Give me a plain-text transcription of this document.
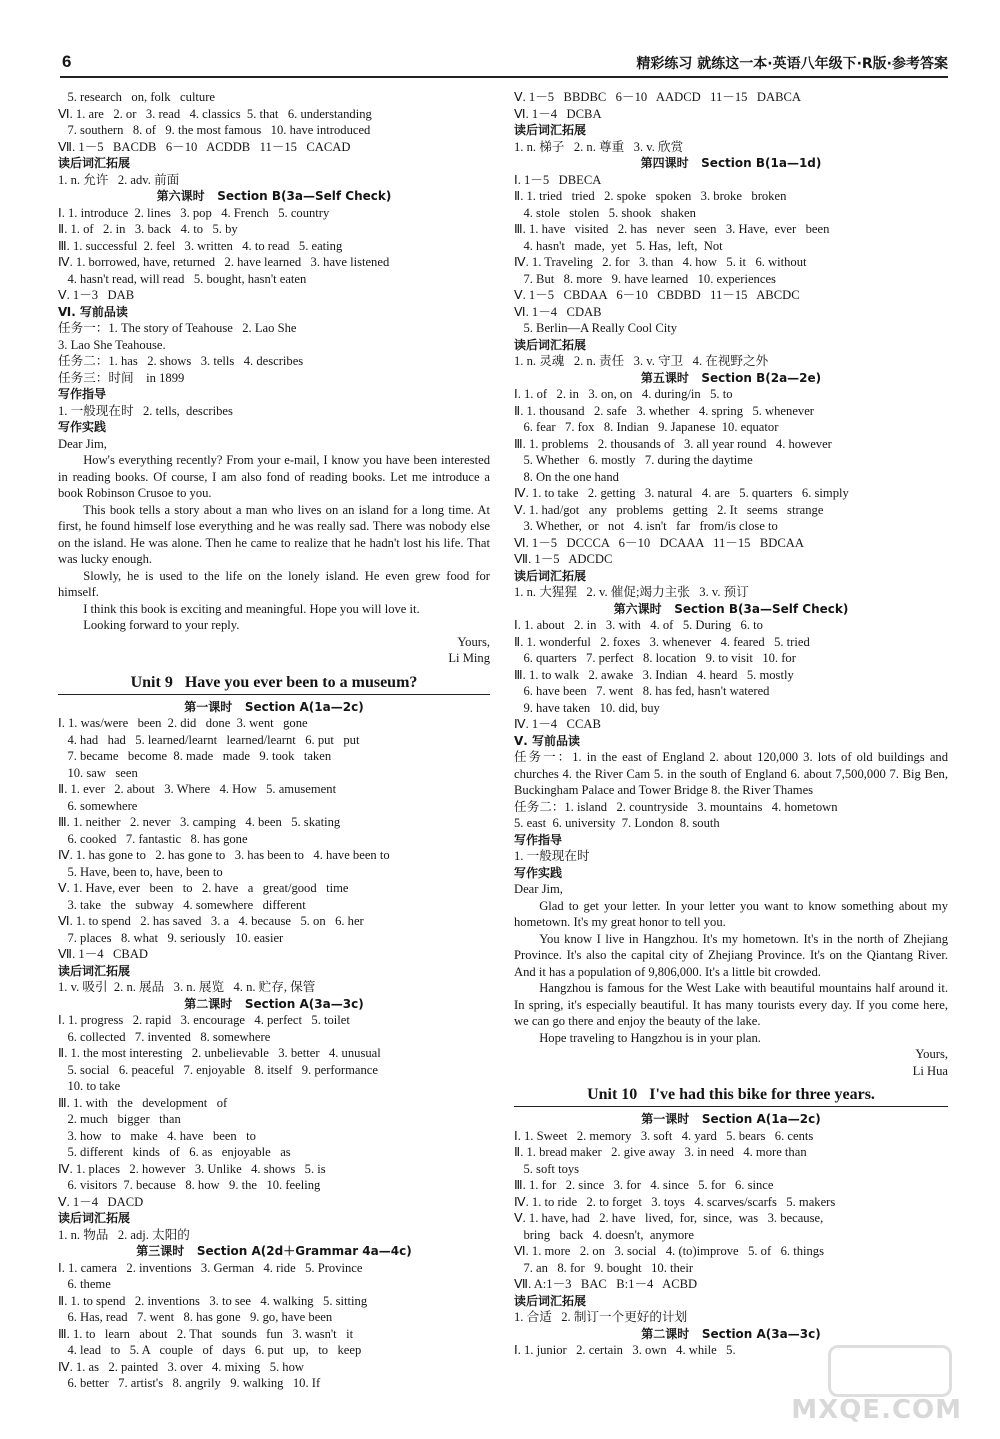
6	精彩练习 就练这一本·英语八年级下·R版·参考答案
5. research   on, folk   culture
Ⅵ. 1. are   2. or   3. read   4. classics  5. that   6. understanding
7. southern   8. of   9. the most famous   10. have introduced
Ⅶ. 1－5   BACDB   6－10   ACDDB   11－15   CACAD
读后词汇拓展
1. n. 允许   2. adv. 前面
第六课时   Section B(3a—Self Check)
Ⅰ. 1. introduce  2. lines   3. pop   4. French   5. country
Ⅱ. 1. of   2. in   3. back   4. to   5. by
Ⅲ. 1. successful  2. feel   3. written   4. to read   5. eating
Ⅳ. 1. borrowed, have, returned   2. have learned   3. have listened
4. hasn't read, will read   5. bought, hasn't eaten
Ⅴ. 1－3   DAB
Ⅵ. 写前品读
任务一：1. The story of Teahouse   2. Lao She
3. Lao She Teahouse.
任务二：1. has   2. shows   3. tells   4. describes
任务三：时间    in 1899
写作指导
1. 一般现在时   2. tells,  describes
写作实践
Dear Jim,
How's everything recently? From your e-mail, I know you have been interested in reading books. Of course, I am also fond of reading books. Let me introduce a book Robinson Crusoe to you.
This book tells a story about a man who lives on an island for a long time. At first, he found himself lose everything and he was really sad. There was nobody else on the island. He was alone. Then he came to realize that he hadn't lost his life. That was lucky enough.
Slowly, he is used to the life on the lonely island. He even grew food for himself.
I think this book is exciting and meaningful. Hope you will love it.
Looking forward to your reply.
Yours,
Li Ming
Unit 9   Have you ever been to a museum?
第一课时   Section A(1a—2c)
Ⅰ. 1. was/were   been  2. did   done  3. went   gone
4. had   had   5. learned/learnt   learned/learnt   6. put   put
7. became   become  8. made   made   9. took   taken
10. saw   seen
Ⅱ. 1. ever   2. about   3. Where   4. How   5. amusement
6. somewhere
Ⅲ. 1. neither   2. never   3. camping   4. been   5. skating
6. cooked   7. fantastic   8. has gone
Ⅳ. 1. has gone to   2. has gone to   3. has been to   4. have been to
5. Have, been to, have, been to
Ⅴ. 1. Have, ever   been   to   2. have   a   great/good   time
3. take   the   subway   4. somewhere   different
Ⅵ. 1. to spend   2. has saved   3. a   4. because   5. on   6. her
7. places   8. what   9. seriously   10. easier
Ⅶ. 1－4   CBAD
读后词汇拓展
1. v. 吸引  2. n. 展品   3. n. 展览   4. n. 贮存, 保管
第二课时   Section A(3a—3c)
Ⅰ. 1. progress   2. rapid   3. encourage   4. perfect   5. toilet
6. collected   7. invented   8. somewhere
Ⅱ. 1. the most interesting   2. unbelievable   3. better   4. unusual
5. social   6. peaceful   7. enjoyable   8. itself   9. performance
10. to take
Ⅲ. 1. with   the   development   of
2. much   bigger   than
3. how   to   make   4. have   been   to
5. different   kinds   of   6. as   enjoyable   as
Ⅳ. 1. places   2. however   3. Unlike   4. shows   5. is
6. visitors  7. because   8. how   9. the   10. feeling
Ⅴ. 1－4   DACD
读后词汇拓展
1. n. 物品   2. adj. 太阳的
第三课时   Section A(2d＋Grammar 4a—4c)
Ⅰ. 1. camera   2. inventions   3. German   4. ride   5. Province
6. theme
Ⅱ. 1. to spend   2. inventions   3. to see   4. walking   5. sitting
6. Has, read   7. went   8. has gone   9. go, have been
Ⅲ. 1. to   learn   about   2. That   sounds   fun   3. wasn't   it
4. lead   to   5. A   couple   of   days   6. put   up,   to   keep
Ⅳ. 1. as   2. painted   3. over   4. mixing   5. how
6. better   7. artist's   8. angrily   9. walking   10. If
Ⅴ. 1－5   BBDBC   6－10   AADCD   11－15   DABCA
Ⅵ. 1－4   DCBA
读后词汇拓展
1. n. 梯子   2. n. 尊重   3. v. 欣赏
第四课时   Section B(1a—1d)
Ⅰ. 1－5   DBECA
Ⅱ. 1. tried   tried   2. spoke   spoken   3. broke   broken
4. stole   stolen   5. shook   shaken
Ⅲ. 1. have   visited   2. has   never   seen   3. Have,  ever   been
4. hasn't   made,  yet   5. Has,  left,  Not
Ⅳ. 1. Traveling   2. for   3. than   4. how   5. it   6. without
7. But   8. more   9. have learned   10. experiences
Ⅴ. 1－5   CBDAA   6－10   CBDBD   11－15   ABCDC
Ⅵ. 1－4   CDAB
5. Berlin—A Really Cool City
读后词汇拓展
1. n. 灵魂   2. n. 责任   3. v. 守卫   4. 在视野之外
第五课时   Section B(2a—2e)
Ⅰ. 1. of   2. in   3. on, on   4. during/in   5. to
Ⅱ. 1. thousand   2. safe   3. whether   4. spring   5. whenever
6. fear   7. fox   8. Indian   9. Japanese  10. equator
Ⅲ. 1. problems   2. thousands of   3. all year round   4. however
5. Whether   6. mostly   7. during the daytime
8. On the one hand
Ⅳ. 1. to take   2. getting   3. natural   4. are   5. quarters   6. simply
Ⅴ. 1. had/got   any   problems   getting   2. It   seems   strange
3. Whether,  or   not   4. isn't   far   from/is close to
Ⅵ. 1－5   DCCCA   6－10   DCAAA   11－15   BDCAA
Ⅶ. 1－5   ADCDC
读后词汇拓展
1. n. 大猩猩   2. v. 催促;竭力主张   3. v. 预订
第六课时   Section B(3a—Self Check)
Ⅰ. 1. about   2. in   3. with   4. of   5. During   6. to
Ⅱ. 1. wonderful   2. foxes   3. whenever   4. feared   5. tried
6. quarters   7. perfect   8. location   9. to visit   10. for
Ⅲ. 1. to walk   2. awake   3. Indian   4. heard   5. mostly
6. have been   7. went   8. has fed, hasn't watered
9. have taken   10. did, buy
Ⅳ. 1－4   CCAB
Ⅴ. 写前品读
任务一：1. in the east of England 2. about 120,000 3. lots of old buildings and churches 4. the River Cam 5. in the south of England 6. about 7,500,000 7. Big Ben, Buckingham Palace and Tower Bridge 8. the River Thames
任务二：1. island   2. countryside   3. mountains   4. hometown
5. east  6. university  7. London  8. south
写作指导
1. 一般现在时
写作实践
Dear Jim,
Glad to get your letter. In your letter you want to know something about my hometown. It's my great honor to tell you.
You know I live in Hangzhou. It's my hometown. It's in the north of Zhejiang Province. It's also the capital city of Zhejiang Province. It's on the Qiantang River. And it has a population of 9,806,000. It's a little bit crowded.
Hangzhou is famous for the West Lake with beautiful mountains half around it. In spring, it's especially beautiful. It has many tourists every day. If you come here, we can go there and enjoy the beauty of the lake.
Hope traveling to Hangzhou is in your plan.
Yours,
Li Hua
Unit 10   I've had this bike for three years.
第一课时   Section A(1a—2c)
Ⅰ. 1. Sweet   2. memory   3. soft   4. yard   5. bears   6. cents
Ⅱ. 1. bread maker   2. give away   3. in need   4. more than
5. soft toys
Ⅲ. 1. for   2. since   3. for   4. since   5. for   6. since
Ⅳ. 1. to ride   2. to forget   3. toys   4. scarves/scarfs   5. makers
Ⅴ. 1. have, had   2. have   lived,  for,  since,  was   3. because,
bring   back   4. doesn't,  anymore
Ⅵ. 1. more   2. on   3. social   4. (to)improve   5. of   6. things
7. an   8. for   9. bought   10. their
Ⅶ. A:1－3   BAC   B:1－4   ACBD
读后词汇拓展
1. 合适   2. 制订一个更好的计划
第二课时   Section A(3a—3c)
Ⅰ. 1. junior   2. certain   3. own   4. while   5.
MXQE.COM
